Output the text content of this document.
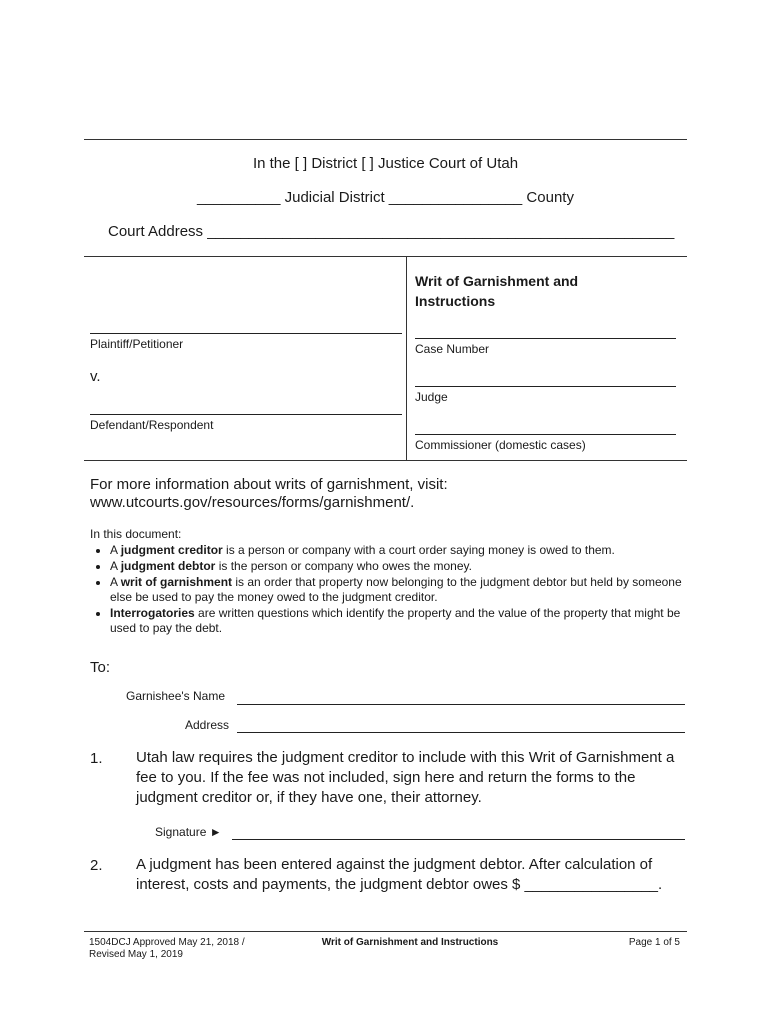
In the [ ] District [ ] Justice Court of Utah
__________ Judicial District ________________ County
Court Address ________________________________________________________
Writ of Garnishment and Instructions
Plaintiff/Petitioner
v.
Defendant/Respondent
Case Number
Judge
Commissioner (domestic cases)
For more information about writs of garnishment, visit:
www.utcourts.gov/resources/forms/garnishment/.
In this document:
• A judgment creditor is a person or company with a court order saying money is owed to them.
• A judgment debtor is the person or company who owes the money.
• A writ of garnishment is an order that property now belonging to the judgment debtor but held by someone else be used to pay the money owed to the judgment creditor.
• Interrogatories are written questions which identify the property and the value of the property that might be used to pay the debt.
To:
Garnishee's Name
Address
1. Utah law requires the judgment creditor to include with this Writ of Garnishment a fee to you. If the fee was not included, sign here and return the forms to the judgment creditor or, if they have one, their attorney.
Signature ►
2. A judgment has been entered against the judgment debtor. After calculation of interest, costs and payments, the judgment debtor owes $ ________________.
1504DCJ Approved May 21, 2018 /
Revised May 1, 2019
Writ of Garnishment and Instructions	Page 1 of 5
